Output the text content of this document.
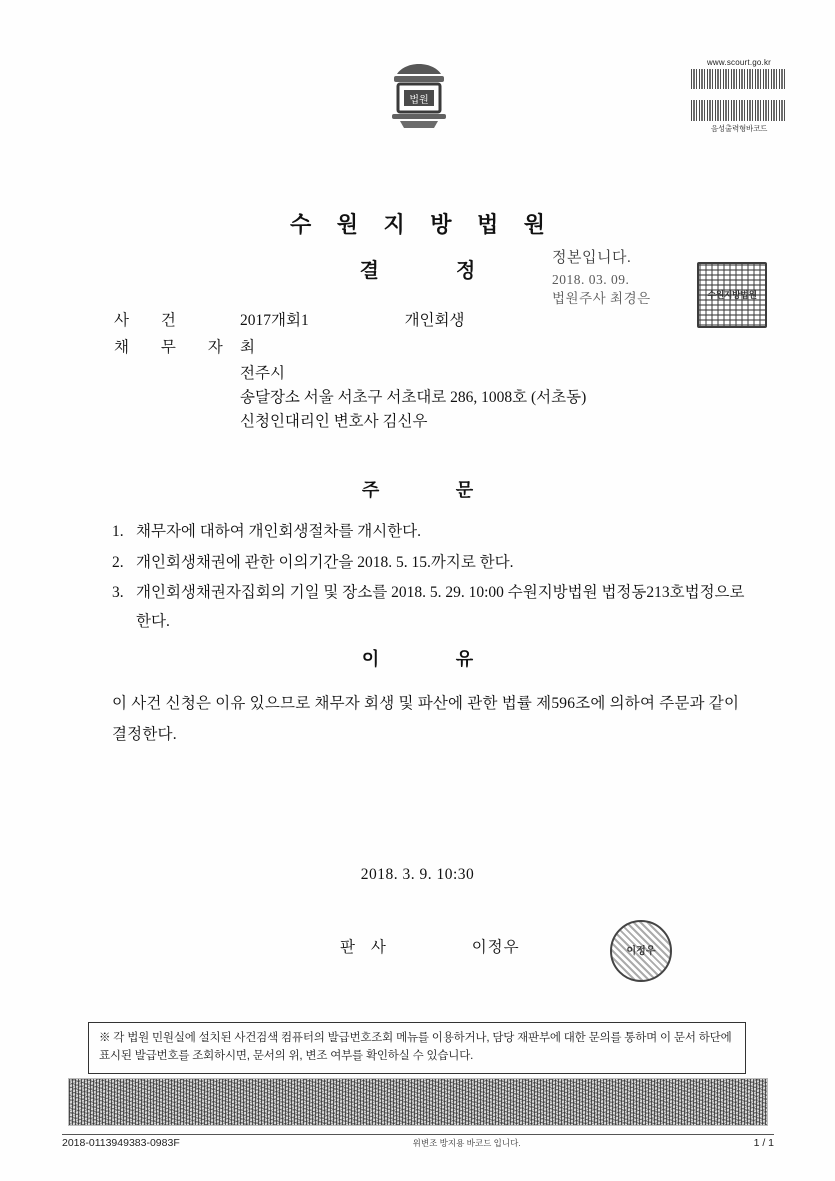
법원
www.scourt.go.kr
음성출력형바코드
수 원 지 방 법 원
결 정
정본입니다.
2018. 03. 09.
법원주사 최경은	수원지방법원
사 건	2017개회1	개인회생
채 무 자 최
전주시
송달장소 서울 서초구 서초대로 286, 1008호 (서초동)
신청인대리인 변호사 김신우
주 문
1. 채무자에 대하여 개인회생절차를 개시한다.
2. 개인회생채권에 관한 이의기간을 2018. 5. 15.까지로 한다.
3. 개인회생채권자집회의 기일 및 장소를 2018. 5. 29. 10:00 수원지방법원 법정동213호법정으로 한다.
이 유
이 사건 신청은 이유 있으므로 채무자 회생 및 파산에 관한 법률 제596조에 의하여 주문과 같이 결정한다.
2018. 3. 9. 10:30
판 사	이정우	이정우
※ 각 법원 민원실에 설치된 사건검색 컴퓨터의 발급번호조회 메뉴를 이용하거나, 담당 재판부에 대한 문의를 통하며 이 문서 하단에 표시된 발급번호를 조회하시면, 문서의 위, 변조 여부를 확인하실 수 있습니다.
2018-0113949383-0983F	위변조 방지용 바코드 입니다.	1 / 1
